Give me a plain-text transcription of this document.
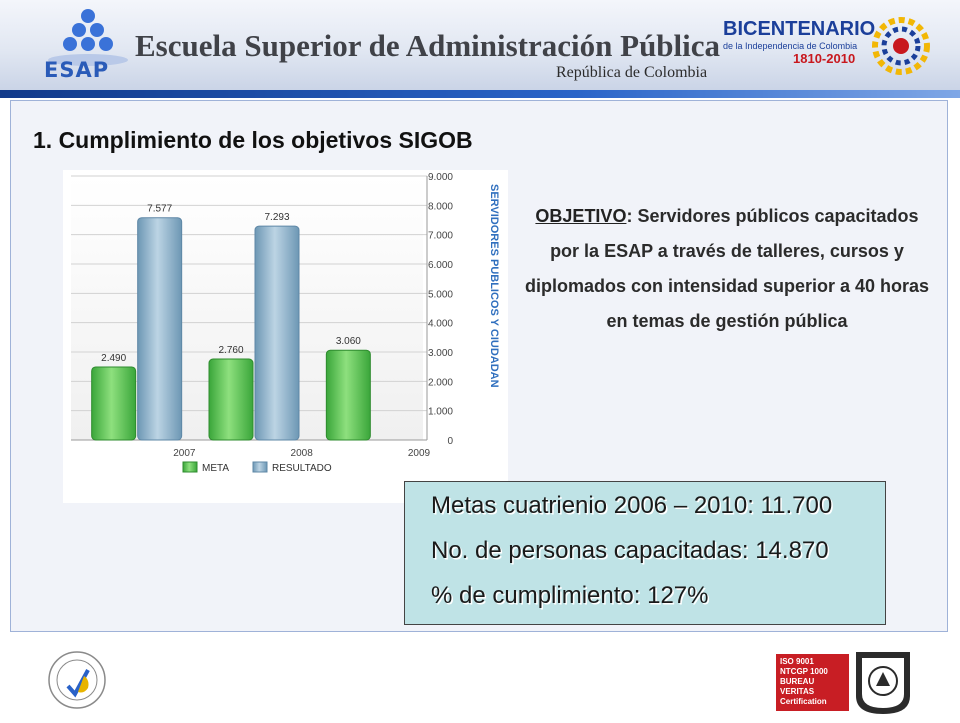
ESAP
Escuela Superior de Administración Pública
República de Colombia
BICENTENARIO
de la Independencia de Colombia
1810-2010
1. Cumplimiento de los objetivos SIGOB
0
1.000
2.000
3.000
4.000
5.000
6.000
7.000
8.000
9.000
2.490
7.577
2007
2.760
7.293
2008
3.060
2009
META	RESULTADO
SERVIDORES PUBLICOS Y CIUDADAN	OBJETIVO: Servidores públicos capacitados por la ESAP a través de talleres, cursos y diplomados con intensidad superior a 40 horas en temas de gestión pública
Metas cuatrienio 2006 – 2010: 11.700
No. de personas capacitadas: 14.870
% de cumplimiento: 127%
ISO 9001
NTCGP 1000
BUREAU VERITAS
Certification
N°CO230494 / N°GP0041
